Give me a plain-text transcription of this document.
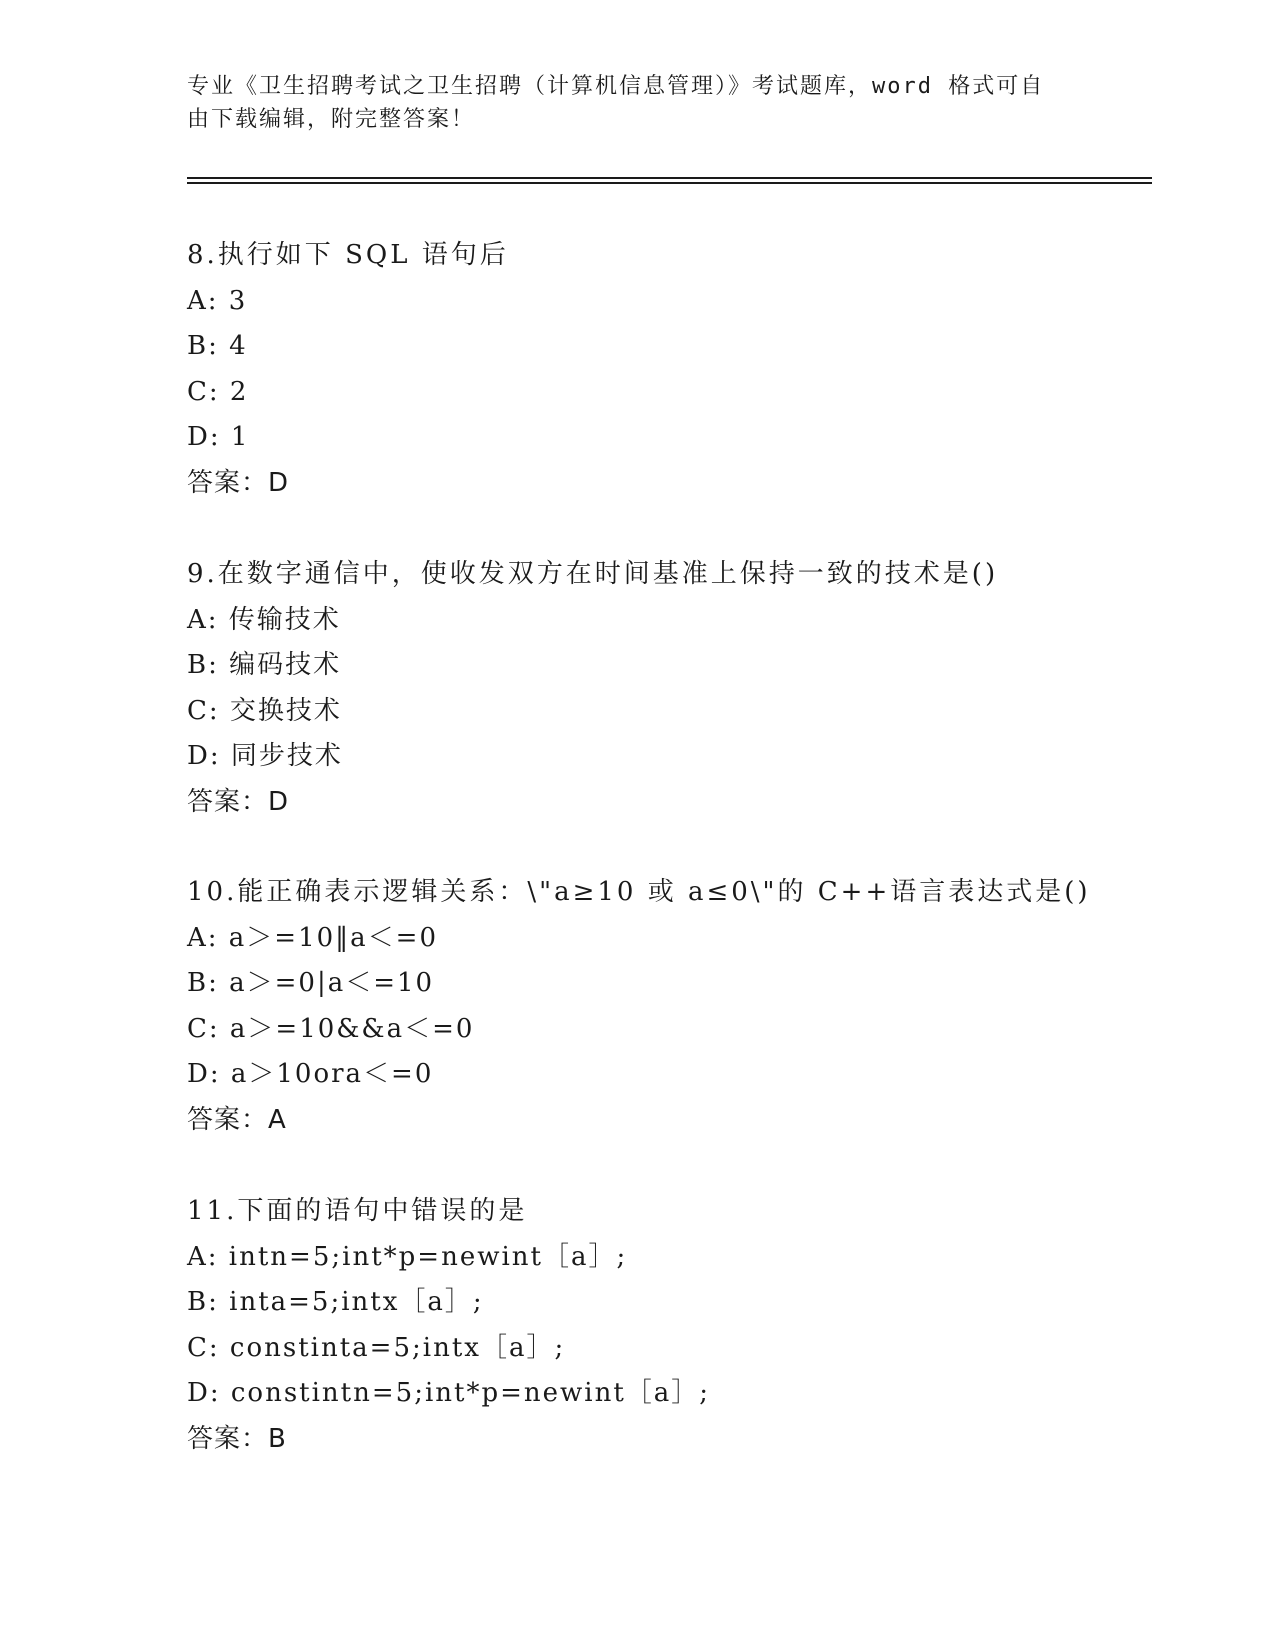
专业《卫生招聘考试之卫生招聘（计算机信息管理）》考试题库，word 格式可自
由下载编辑，附完整答案！
8.执行如下 SQL 语句后
A: 3
B: 4
C: 2
D: 1
答案：D
9.在数字通信中，使收发双方在时间基准上保持一致的技术是()
A: 传输技术
B: 编码技术
C: 交换技术
D: 同步技术
答案：D
10.能正确表示逻辑关系：\"a≥10 或 a≤0\"的 C++语言表达式是()
A: a＞=10‖a＜=0
B: a＞=0|a＜=10
C: a＞=10&&a＜=0
D: a＞10ora＜=0
答案：A
11.下面的语句中错误的是
A: intn=5;int*p=newint［a］;
B: inta=5;intx［a］;
C: constinta=5;intx［a］;
D: constintn=5;int*p=newint［a］;
答案：B
